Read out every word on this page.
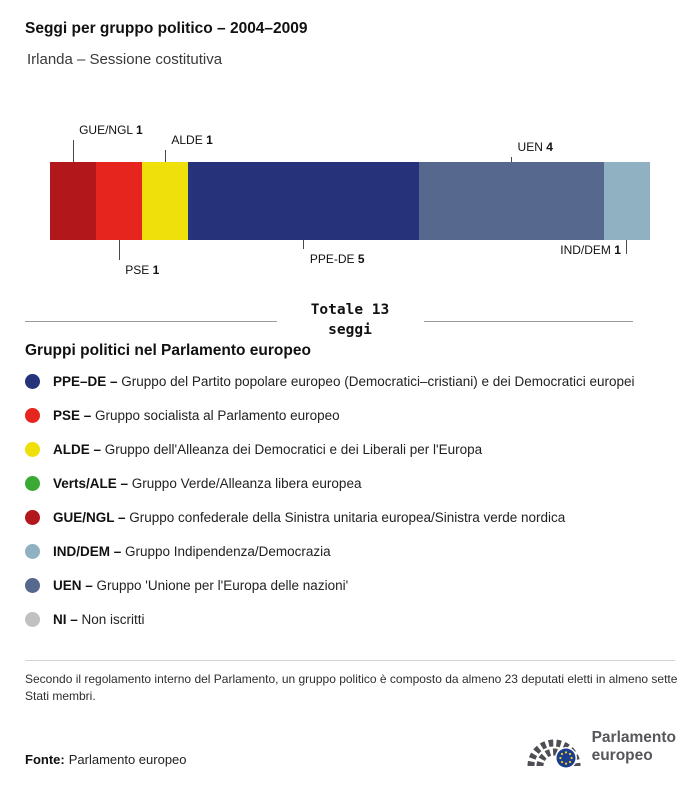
Seggi per gruppo politico – 2004–2009
Irlanda – Sessione costitutiva
Totale 13
seggi
GUE/NGL 1
PSE 1
ALDE 1
PPE-DE 5
UEN 4
IND/DEM 1
Gruppi politici nel Parlamento europeo
PPE–DE – Gruppo del Partito popolare europeo (Democratici–cristiani) e dei Democratici europei
PSE – Gruppo socialista al Parlamento europeo
ALDE – Gruppo dell'Alleanza dei Democratici e dei Liberali per l'Europa
Verts/ALE – Gruppo Verde/Alleanza libera europea
GUE/NGL – Gruppo confederale della Sinistra unitaria europea/Sinistra verde nordica
IND/DEM – Gruppo Indipendenza/Democrazia
UEN – Gruppo 'Unione per l'Europa delle nazioni'
NI – Non iscritti
Secondo il regolamento interno del Parlamento, un gruppo politico è composto da almeno 23 deputati eletti in almeno sette Stati membri.
Fonte: Parlamento europeo
Parlamento
europeo
